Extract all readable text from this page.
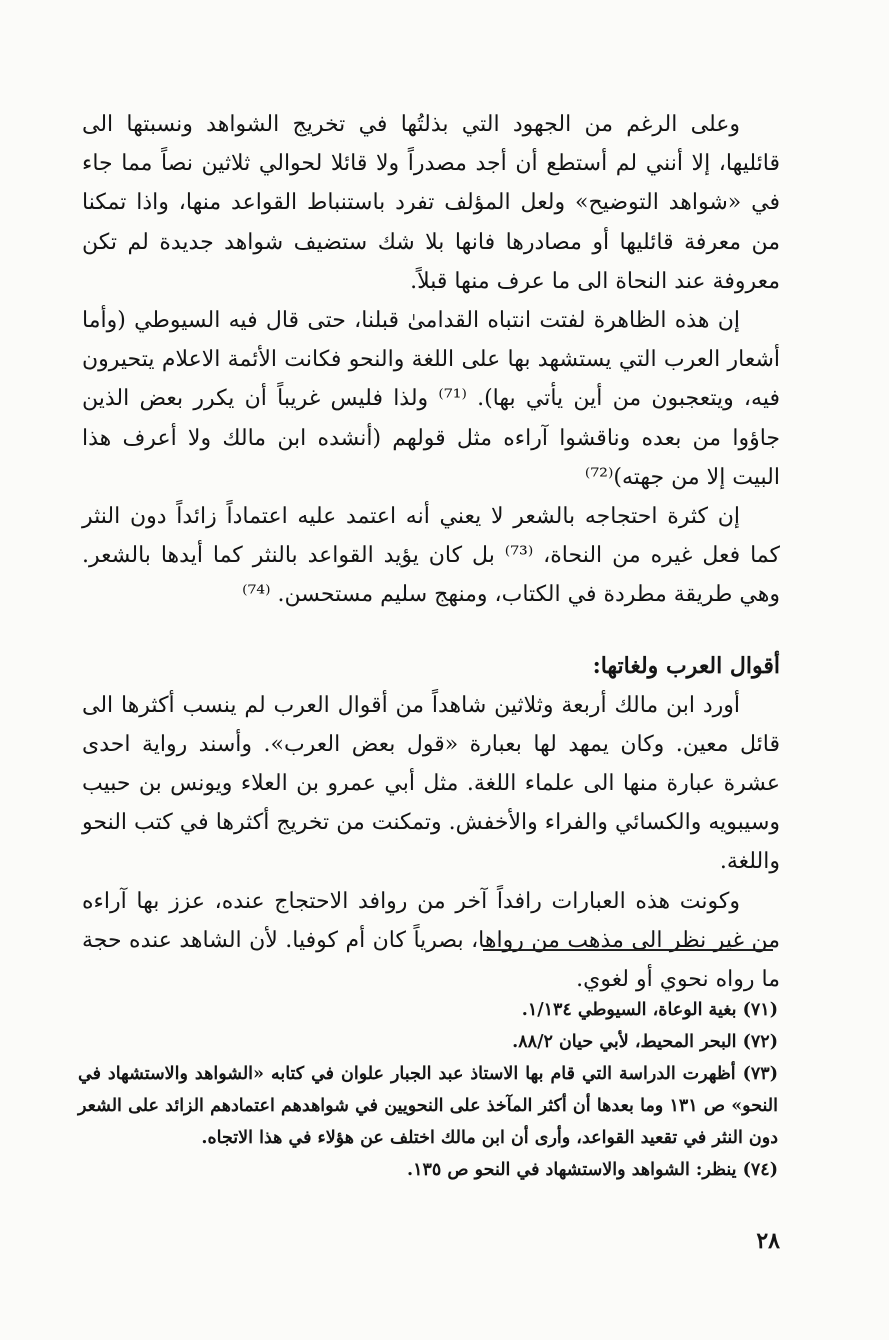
وعلى الرغم من الجهود التي بذلتُها في تخريج الشواهد ونسبتها الى قائليها، إلا أنني لم أستطع أن أجد مصدراً ولا قائلا لحوالي ثلاثين نصاً مما جاء في «شواهد التوضيح» ولعل المؤلف تفرد باستنباط القواعد منها، واذا تمكنا من معرفة قائليها أو مصادرها فانها بلا شك ستضيف شواهد جديدة لم تكن معروفة عند النحاة الى ما عرف منها قبلاً.

إن هذه الظاهرة لفتت انتباه القدامىٰ قبلنا، حتى قال فيه السيوطي (وأما أشعار العرب التي يستشهد بها على اللغة والنحو فكانت الأئمة الاعلام يتحيرون فيه، ويتعجبون من أين يأتي بها). ⁽⁷¹⁾ ولذا فليس غريباً أن يكرر بعض الذين جاؤوا من بعده وناقشوا آراءه مثل قولهم (أنشده ابن مالك ولا أعرف هذا البيت إلا من جهته)⁽⁷²⁾

إن كثرة احتجاجه بالشعر لا يعني أنه اعتمد عليه اعتماداً زائداً دون النثر كما فعل غيره من النحاة، ⁽⁷³⁾ بل كان يؤيد القواعد بالنثر كما أيدها بالشعر. وهي طريقة مطردة في الكتاب، ومنهج سليم مستحسن. ⁽⁷⁴⁾

أقوال العرب ولغاتها:

أورد ابن مالك أربعة وثلاثين شاهداً من أقوال العرب لم ينسب أكثرها الى قائل معين. وكان يمهد لها بعبارة «قول بعض العرب». وأسند رواية احدى عشرة عبارة منها الى علماء اللغة. مثل أبي عمرو بن العلاء ويونس بن حبيب وسيبويه والكسائي والفراء والأخفش. وتمكنت من تخريج أكثرها في كتب النحو واللغة.

وكونت هذه العبارات رافداً آخر من روافد الاحتجاج عنده، عزز بها آراءه من غير نظر الى مذهب من رواها، بصرياً كان أم كوفيا. لأن الشاهد عنده حجة ما رواه نحوي أو لغوي.

(٧١) بغية الوعاة، السيوطي ١/١٣٤.

(٧٢) البحر المحيط، لأبي حيان ٨٨/٢.

(٧٣) أظهرت الدراسة التي قام بها الاستاذ عبد الجبار علوان في كتابه «الشواهد والاستشهاد في النحو» ص ١٣١ وما بعدها أن أكثر المآخذ على النحويين في شواهدهم اعتمادهم الزائد على الشعر دون النثر في تقعيد القواعد، وأرى أن ابن مالك اختلف عن هؤلاء في هذا الاتجاه.

(٧٤) ينظر: الشواهد والاستشهاد في النحو ص ١٣٥.

٢٨
